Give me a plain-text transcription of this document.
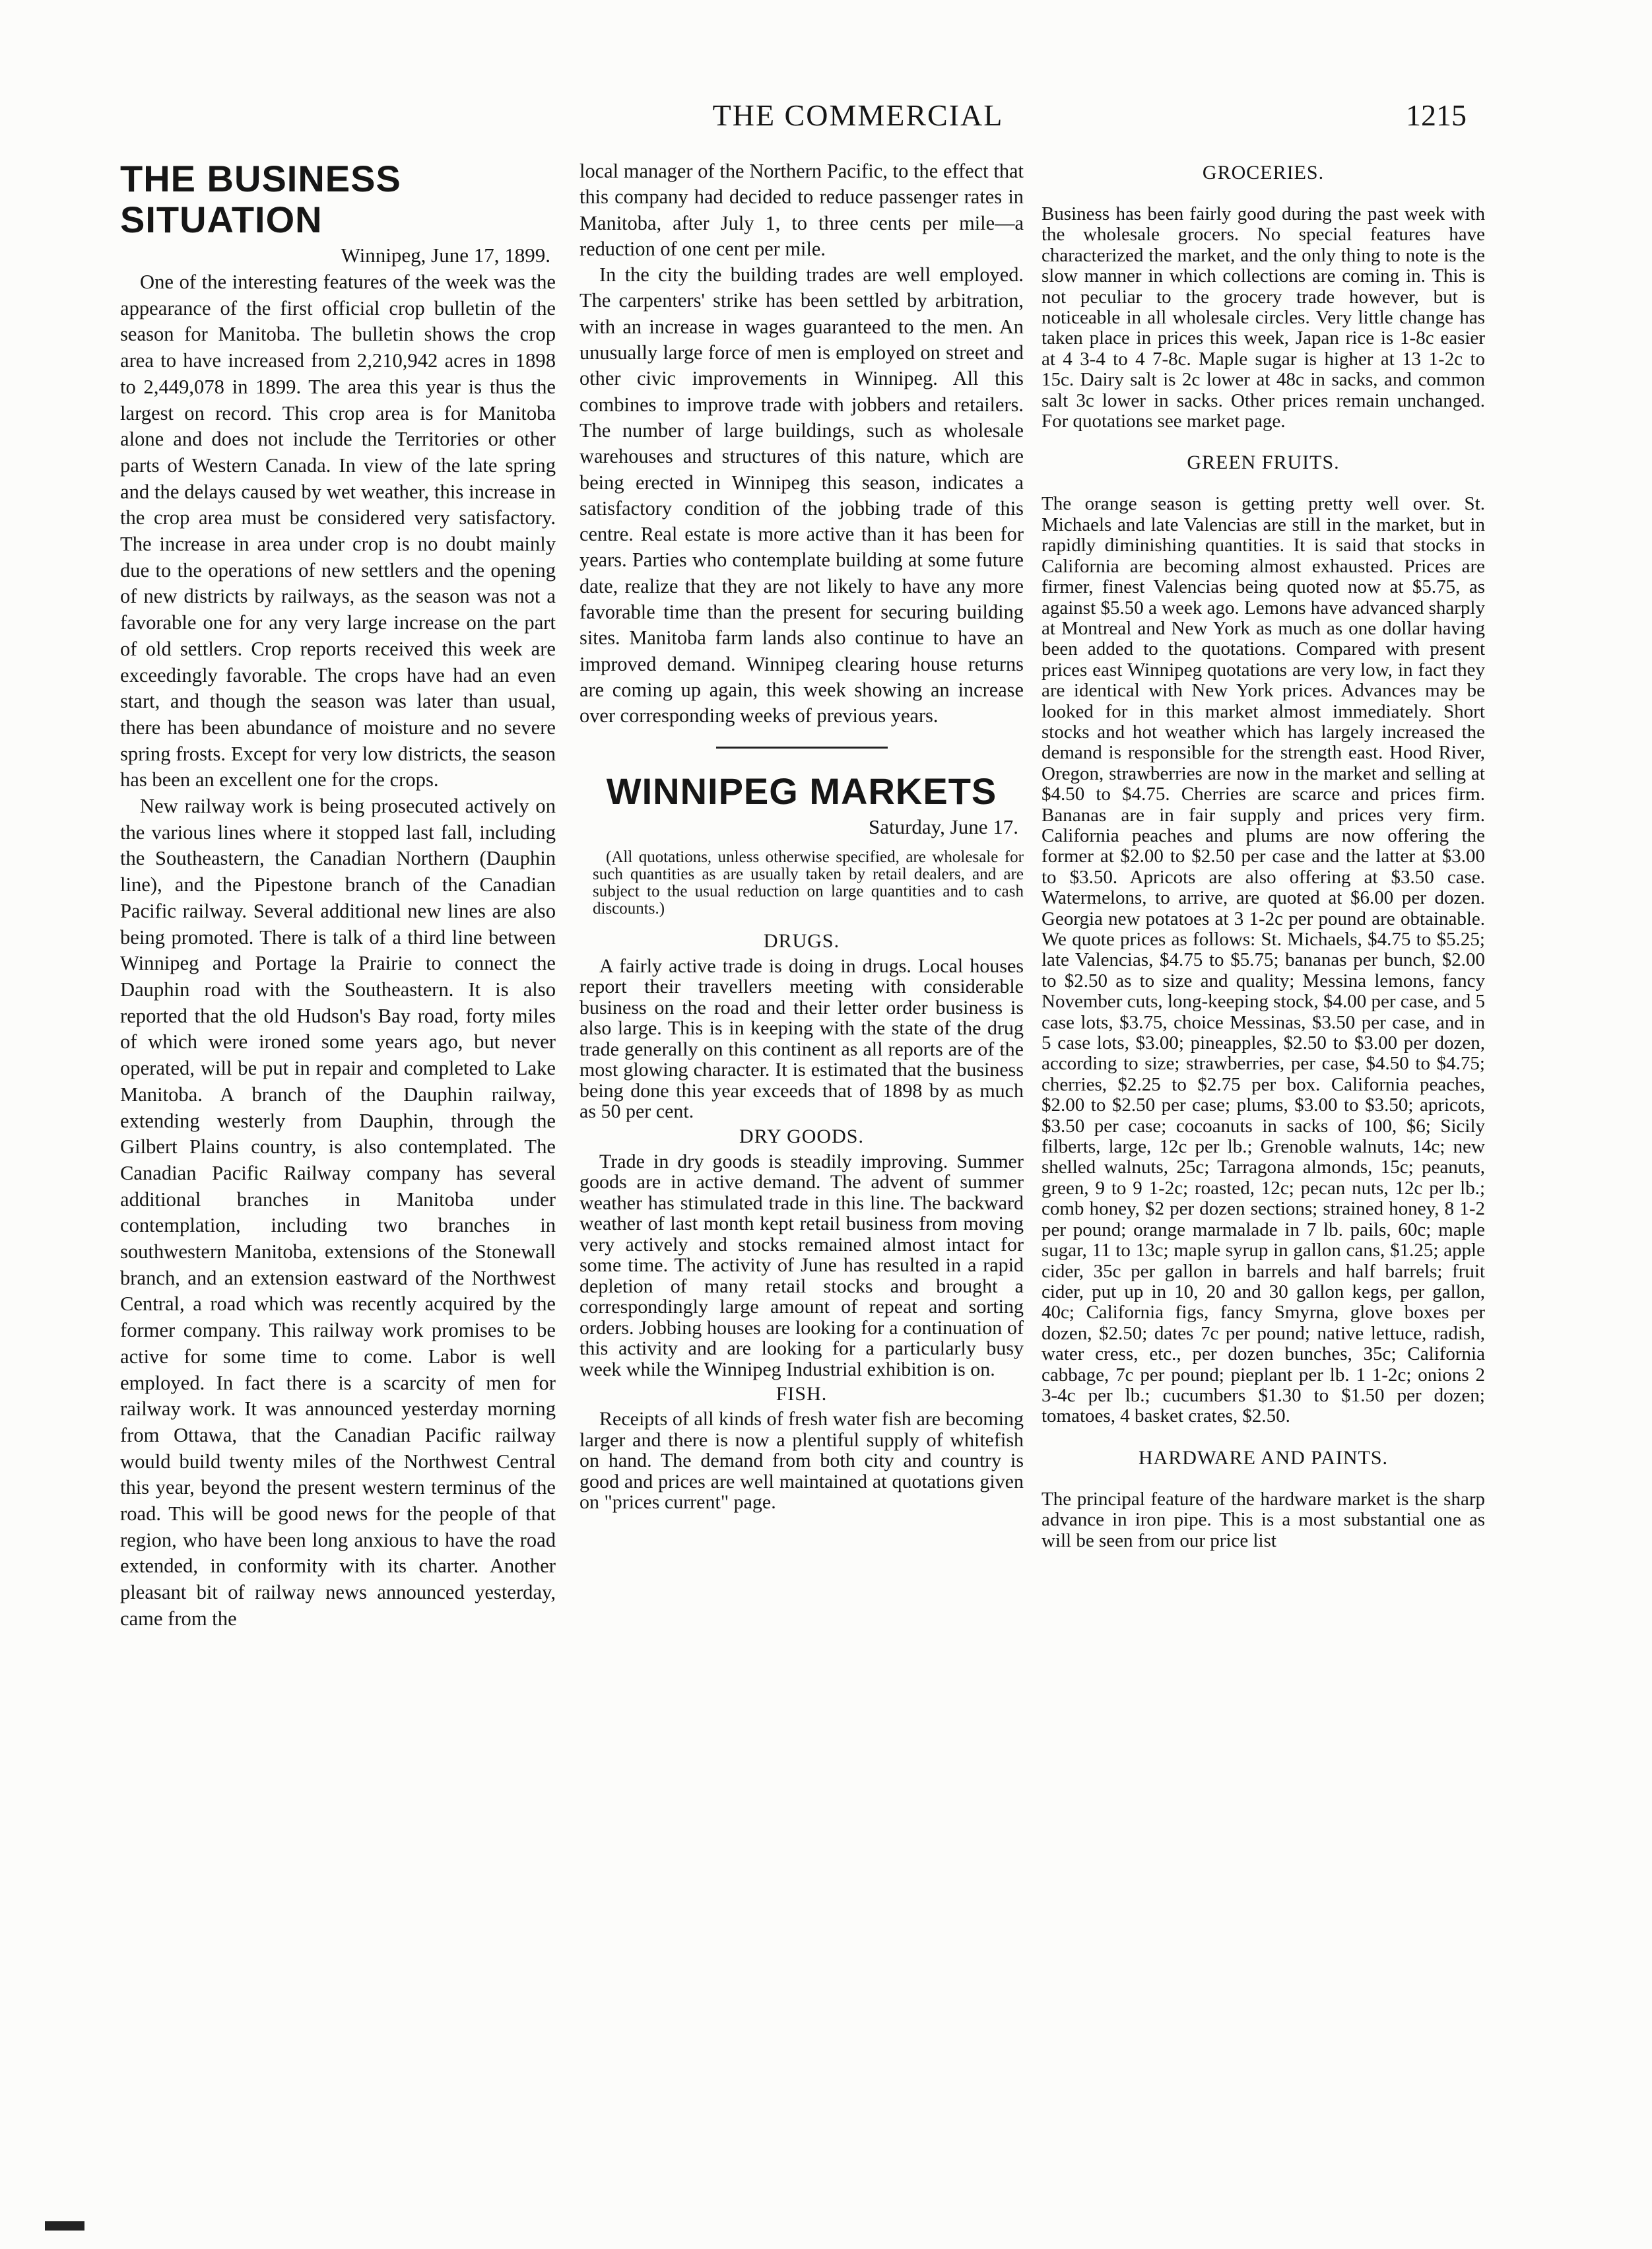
THE COMMERCIAL	1215
THE BUSINESS SITUATION
Winnipeg, June 17, 1899.

One of the interesting features of the week was the appearance of the first official crop bulletin of the season for Manitoba. The bulletin shows the crop area to have increased from 2,210,942 acres in 1898 to 2,449,078 in 1899. The area this year is thus the largest on record. This crop area is for Manitoba alone and does not include the Territories or other parts of Western Canada. In view of the late spring and the delays caused by wet weather, this increase in the crop area must be considered very satisfactory. The increase in area under crop is no doubt mainly due to the operations of new settlers and the opening of new districts by railways, as the season was not a favorable one for any very large increase on the part of old settlers. Crop reports received this week are exceedingly favorable. The crops have had an even start, and though the season was later than usual, there has been abundance of moisture and no severe spring frosts. Except for very low districts, the season has been an excellent one for the crops.

New railway work is being prosecuted actively on the various lines where it stopped last fall, including the Southeastern, the Canadian Northern (Dauphin line), and the Pipestone branch of the Canadian Pacific railway. Several additional new lines are also being promoted. There is talk of a third line between Winnipeg and Portage la Prairie to connect the Dauphin road with the Southeastern. It is also reported that the old Hudson's Bay road, forty miles of which were ironed some years ago, but never operated, will be put in repair and completed to Lake Manitoba. A branch of the Dauphin railway, extending westerly from Dauphin, through the Gilbert Plains country, is also contemplated. The Canadian Pacific Railway company has several additional branches in Manitoba under contemplation, including two branches in southwestern Manitoba, extensions of the Stonewall branch, and an extension eastward of the Northwest Central, a road which was recently acquired by the former company. This railway work promises to be active for some time to come. Labor is well employed. In fact there is a scarcity of men for railway work. It was announced yesterday morning from Ottawa, that the Canadian Pacific railway would build twenty miles of the Northwest Central this year, beyond the present western terminus of the road. This will be good news for the people of that region, who have been long anxious to have the road extended, in conformity with its charter. Another pleasant bit of railway news announced yesterday, came from the

local manager of the Northern Pacific, to the effect that this company had decided to reduce passenger rates in Manitoba, after July 1, to three cents per mile—a reduction of one cent per mile.

In the city the building trades are well employed. The carpenters' strike has been settled by arbitration, with an increase in wages guaranteed to the men. An unusually large force of men is employed on street and other civic improvements in Winnipeg. All this combines to improve trade with jobbers and retailers. The number of large buildings, such as wholesale warehouses and structures of this nature, which are being erected in Winnipeg this season, indicates a satisfactory condition of the jobbing trade of this centre. Real estate is more active than it has been for years. Parties who contemplate building at some future date, realize that they are not likely to have any more favorable time than the present for securing building sites. Manitoba farm lands also continue to have an improved demand. Winnipeg clearing house returns are coming up again, this week showing an increase over corresponding weeks of previous years.

WINNIPEG MARKETS
Saturday, June 17.
(All quotations, unless otherwise specified, are wholesale for such quantities as are usually taken by retail dealers, and are subject to the usual reduction on large quantities and to cash discounts.)
DRUGS.

A fairly active trade is doing in drugs. Local houses report their travellers meeting with considerable business on the road and their letter order business is also large. This is in keeping with the state of the drug trade generally on this continent as all reports are of the most glowing character. It is estimated that the business being done this year exceeds that of 1898 by as much as 50 per cent.

DRY GOODS.

Trade in dry goods is steadily improving. Summer goods are in active demand. The advent of summer weather has stimulated trade in this line. The backward weather of last month kept retail business from moving very actively and stocks remained almost intact for some time. The activity of June has resulted in a rapid depletion of many retail stocks and brought a correspondingly large amount of repeat and sorting orders. Jobbing houses are looking for a continuation of this activity and are looking for a particularly busy week while the Winnipeg Industrial exhibition is on.

FISH.

Receipts of all kinds of fresh water fish are becoming larger and there is now a plentiful supply of whitefish on hand. The demand from both city and country is good and prices are well maintained at quotations given on "prices current" page.

GROCERIES.

Business has been fairly good during the past week with the wholesale grocers. No special features have characterized the market, and the only thing to note is the slow manner in which collections are coming in. This is not peculiar to the grocery trade however, but is noticeable in all wholesale circles. Very little change has taken place in prices this week, Japan rice is 1-8c easier at 4 3-4 to 4 7-8c. Maple sugar is higher at 13 1-2c to 15c. Dairy salt is 2c lower at 48c in sacks, and common salt 3c lower in sacks. Other prices remain unchanged. For quotations see market page.

GREEN FRUITS.

The orange season is getting pretty well over. St. Michaels and late Valencias are still in the market, but in rapidly diminishing quantities. It is said that stocks in California are becoming almost exhausted. Prices are firmer, finest Valencias being quoted now at $5.75, as against $5.50 a week ago. Lemons have advanced sharply at Montreal and New York as much as one dollar having been added to the quotations. Compared with present prices east Winnipeg quotations are very low, in fact they are identical with New York prices. Advances may be looked for in this market almost immediately. Short stocks and hot weather which has largely increased the demand is responsible for the strength east. Hood River, Oregon, strawberries are now in the market and selling at $4.50 to $4.75. Cherries are scarce and prices firm. Bananas are in fair supply and prices very firm. California peaches and plums are now offering the former at $2.00 to $2.50 per case and the latter at $3.00 to $3.50. Apricots are also offering at $3.50 case. Watermelons, to arrive, are quoted at $6.00 per dozen. Georgia new potatoes at 3 1-2c per pound are obtainable. We quote prices as follows: St. Michaels, $4.75 to $5.25; late Valencias, $4.75 to $5.75; bananas per bunch, $2.00 to $2.50 as to size and quality; Messina lemons, fancy November cuts, long-keeping stock, $4.00 per case, and 5 case lots, $3.75, choice Messinas, $3.50 per case, and in 5 case lots, $3.00; pineapples, $2.50 to $3.00 per dozen, according to size; strawberries, per case, $4.50 to $4.75; cherries, $2.25 to $2.75 per box. California peaches, $2.00 to $2.50 per case; plums, $3.00 to $3.50; apricots, $3.50 per case; cocoanuts in sacks of 100, $6; Sicily filberts, large, 12c per lb.; Grenoble walnuts, 14c; new shelled walnuts, 25c; Tarragona almonds, 15c; peanuts, green, 9 to 9 1-2c; roasted, 12c; pecan nuts, 12c per lb.; comb honey, $2 per dozen sections; strained honey, 8 1-2 per pound; orange marmalade in 7 lb. pails, 60c; maple sugar, 11 to 13c; maple syrup in gallon cans, $1.25; apple cider, 35c per gallon in barrels and half barrels; fruit cider, put up in 10, 20 and 30 gallon kegs, per gallon, 40c; California figs, fancy Smyrna, glove boxes per dozen, $2.50; dates 7c per pound; native lettuce, radish, water cress, etc., per dozen bunches, 35c; California cabbage, 7c per pound; pieplant per lb. 1 1-2c; onions 2 3-4c per lb.; cucumbers $1.30 to $1.50 per dozen; tomatoes, 4 basket crates, $2.50.

HARDWARE AND PAINTS.

The principal feature of the hardware market is the sharp advance in iron pipe. This is a most substantial one as will be seen from our price list
